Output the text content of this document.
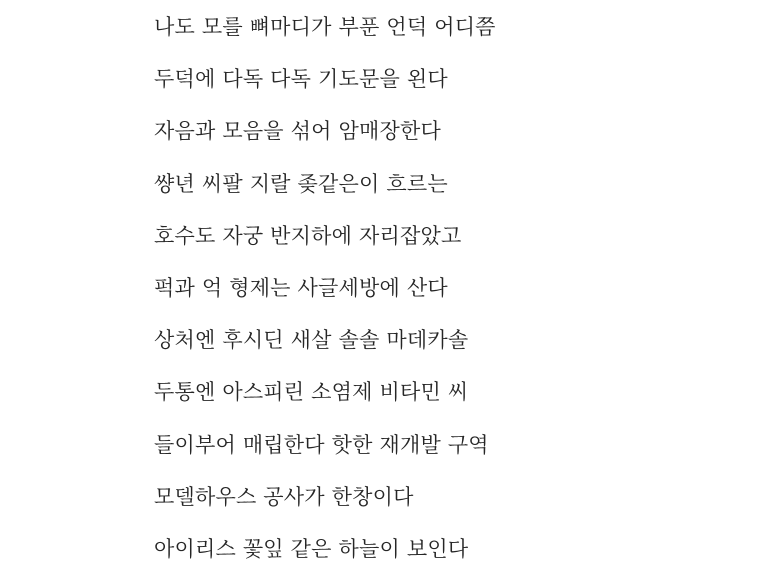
나도 모를 뼈마디가 부푼 언덕 어디쯤
두덕에 다독 다독 기도문을 왼다
자음과 모음을 섞어 암매장한다
썅년 씨팔 지랄 좆같은이 흐르는
호수도 자궁 반지하에 자리잡았고
퍽과 억 형제는 사글세방에 산다
상처엔 후시딘 새살 솔솔 마데카솔
두통엔 아스피린 소염제 비타민 씨
들이부어 매립한다 핫한 재개발 구역
모델하우스 공사가 한창이다
아이리스 꽃잎 같은 하늘이 보인다
